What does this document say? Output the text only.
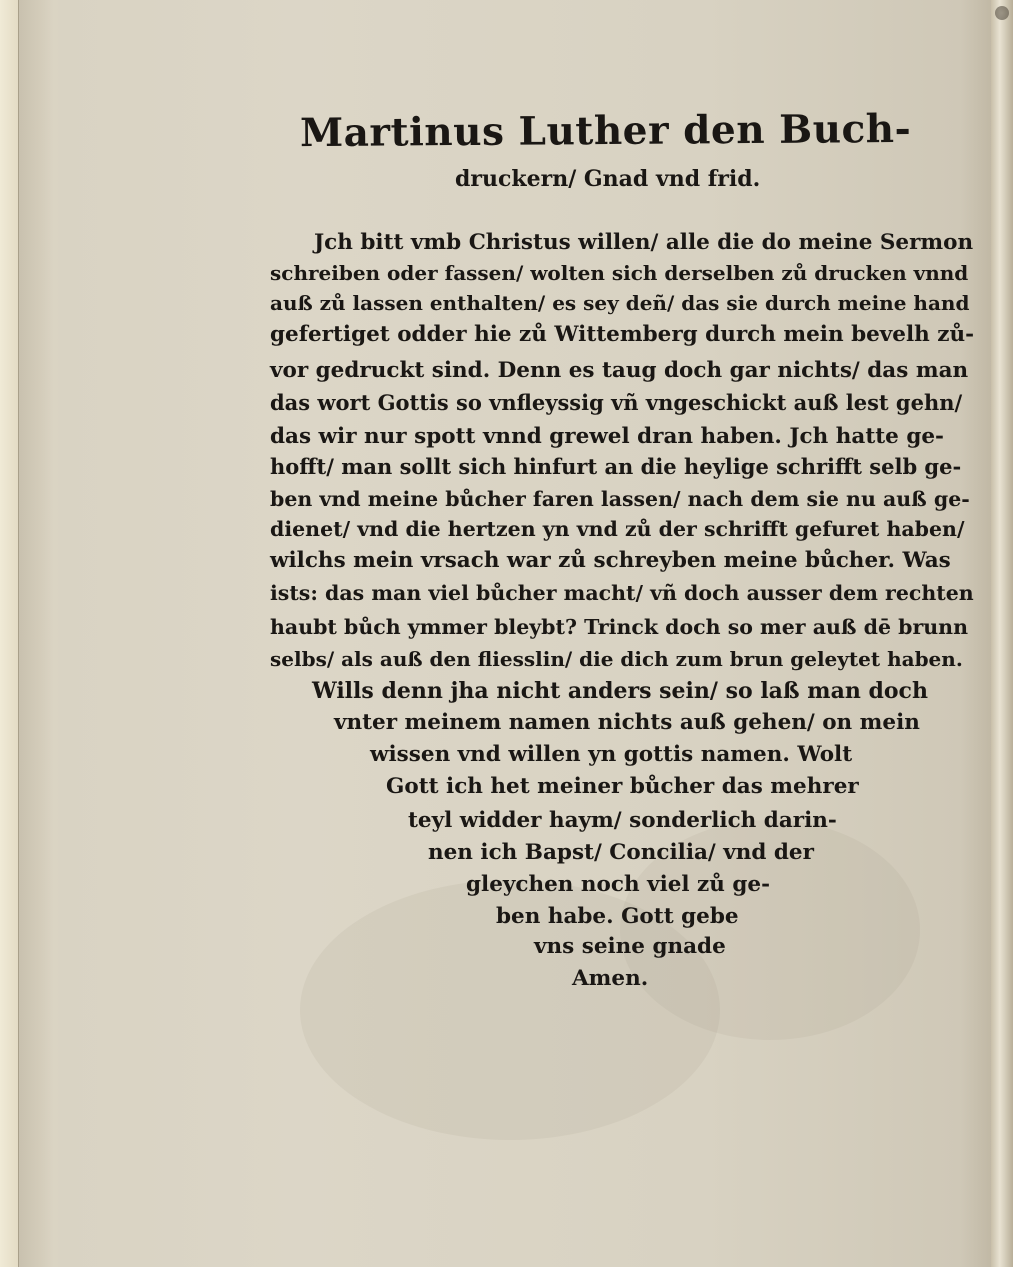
Martinus Luther den Buch-
druckern/ Gnad vnd frid.
Jch bitt vmb Christus willen/ alle die do meine Sermon
schreiben oder fassen/ wolten sich derselben zů drucken vnnd
auß zů lassen enthalten/ es sey deñ/ das sie durch meine hand
gefertiget odder hie zů Wittemberg durch mein bevelh zů-
vor gedruckt sind. Denn es taug doch gar nichts/ das man
das wort Gottis so vnfleyssig vñ vngeschickt auß lest gehn/
das wir nur spott vnnd grewel dran haben. Jch hatte ge-
hofft/ man sollt sich hinfurt an die heylige schrifft selb ge-
ben vnd meine bůcher faren lassen/ nach dem sie nu auß ge-
dienet/ vnd die hertzen yn vnd zů der schrifft gefuret haben/
wilchs mein vrsach war zů schreyben meine bůcher. Was
ists: das man viel bůcher macht/ vñ doch ausser dem rechten
haubt bůch ymmer bleybt? Trinck doch so mer auß dē brunn
selbs/ als auß den fliesslin/ die dich zum brun geleytet haben.
Wills denn jha nicht anders sein/ so laß man doch
vnter meinem namen nichts auß gehen/ on mein
wissen vnd willen yn gottis namen. Wolt
Gott ich het meiner bůcher das mehrer
teyl widder haym/ sonderlich darin-
nen ich Bapst/ Concilia/ vnd der
gleychen noch viel zů ge-
ben habe. Gott gebe
vns seine gnade
Amen.
